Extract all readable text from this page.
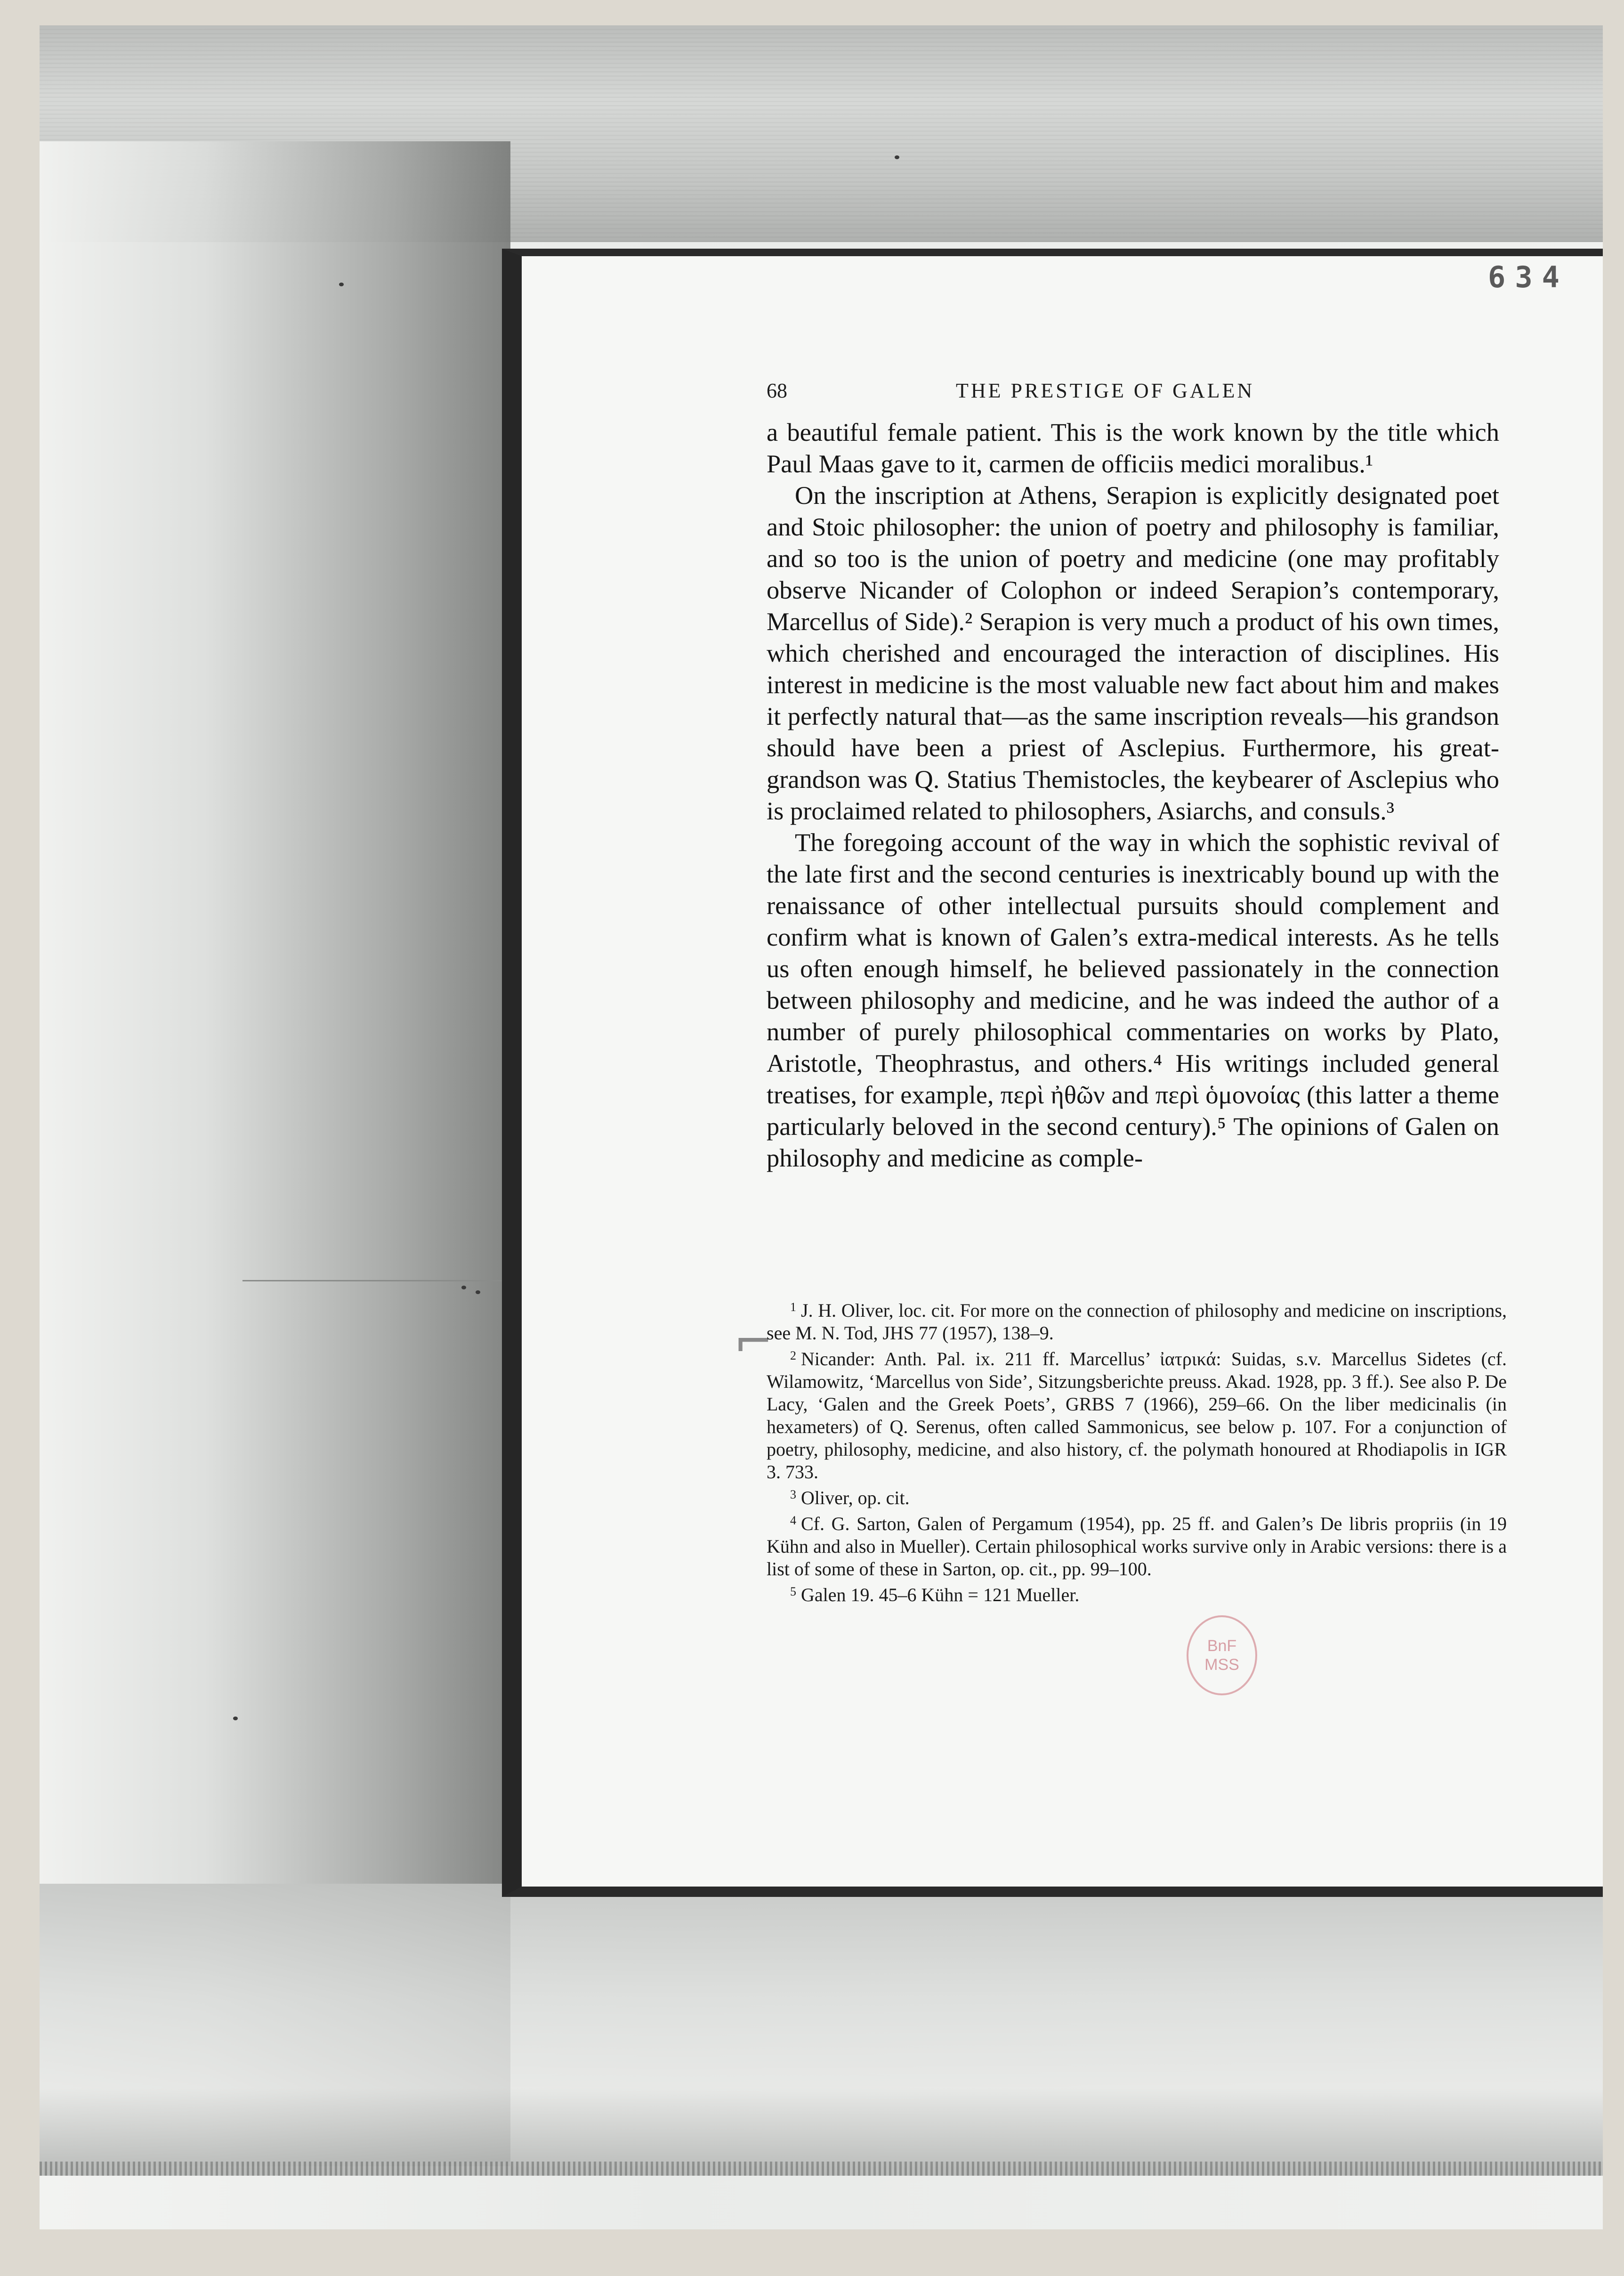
634

68	THE PRESTIGE OF GALEN

a beautiful female patient. This is the work known by the title which Paul Maas gave to it, carmen de officiis medici moralibus.¹

On the inscription at Athens, Serapion is explicitly designated poet and Stoic philosopher: the union of poetry and philosophy is familiar, and so too is the union of poetry and medicine (one may profitably observe Nicander of Colophon or indeed Serapion’s contemporary, Marcellus of Side).² Serapion is very much a product of his own times, which cherished and encouraged the interaction of disciplines. His interest in medicine is the most valuable new fact about him and makes it perfectly natural that—as the same inscription reveals—his grandson should have been a priest of Asclepius. Furthermore, his great-grandson was Q. Statius Themistocles, the keybearer of Asclepius who is proclaimed related to philosophers, Asiarchs, and consuls.³

The foregoing account of the way in which the sophistic revival of the late first and the second centuries is inextricably bound up with the renaissance of other intellectual pursuits should complement and confirm what is known of Galen’s extra-medical interests. As he tells us often enough himself, he believed passionately in the connection between philosophy and medicine, and he was indeed the author of a number of purely philosophical commentaries on works by Plato, Aristotle, Theophrastus, and others.⁴ His writings included general treatises, for example, περὶ ἠθῶν and περὶ ὁμονοίας (this latter a theme particularly beloved in the second century).⁵ The opinions of Galen on philosophy and medicine as comple-

⌐

$^1$ J. H. Oliver, loc. cit. For more on the connection of philosophy and medicine on inscriptions, see M. N. Tod, JHS 77 (1957), 138–9.

$^2$ Nicander: Anth. Pal. ix. 211 ff. Marcellus’ ἰατρικά: Suidas, s.v. Marcellus Sidetes (cf. Wilamowitz, ‘Marcellus von Side’, Sitzungsberichte preuss. Akad. 1928, pp. 3 ff.). See also P. De Lacy, ‘Galen and the Greek Poets’, GRBS 7 (1966), 259–66. On the liber medicinalis (in hexameters) of Q. Serenus, often called Sammonicus, see below p. 107. For a conjunction of poetry, philosophy, medicine, and also history, cf. the polymath honoured at Rhodiapolis in IGR 3. 733.

$^3$ Oliver, op. cit.

$^4$ Cf. G. Sarton, Galen of Pergamum (1954), pp. 25 ff. and Galen’s De libris propriis (in 19 Kühn and also in Mueller). Certain philosophical works survive only in Arabic versions: there is a list of some of these in Sarton, op. cit., pp. 99–100.

$^5$ Galen 19. 45–6 Kühn = 121 Mueller.

BnF
MSS
